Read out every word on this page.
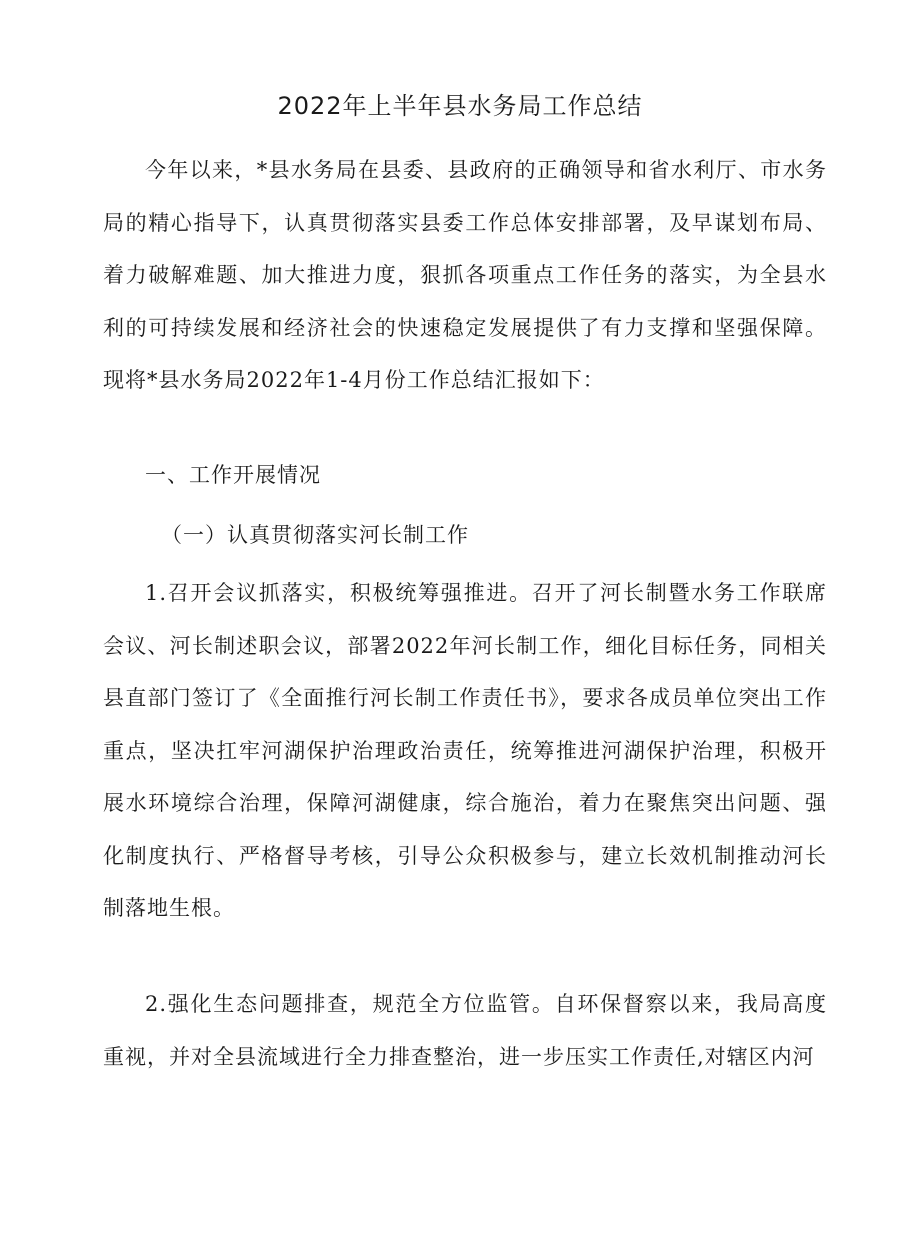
2022年上半年县水务局工作总结

今年以来，*县水务局在县委、县政府的正确领导和省水利厅、市水务局的精心指导下，认真贯彻落实县委工作总体安排部署，及早谋划布局、着力破解难题、加大推进力度，狠抓各项重点工作任务的落实，为全县水利的可持续发展和经济社会的快速稳定发展提供了有力支撑和坚强保障。现将*县水务局2022年1-4月份工作总结汇报如下：

一、工作开展情况

（一）认真贯彻落实河长制工作

1.召开会议抓落实，积极统筹强推进。召开了河长制暨水务工作联席会议、河长制述职会议，部署2022年河长制工作，细化目标任务，同相关县直部门签订了《全面推行河长制工作责任书》，要求各成员单位突出工作重点，坚决扛牢河湖保护治理政治责任，统筹推进河湖保护治理，积极开展水环境综合治理，保障河湖健康，综合施治，着力在聚焦突出问题、强化制度执行、严格督导考核，引导公众积极参与，建立长效机制推动河长制落地生根。

2.强化生态问题排查，规范全方位监管。自环保督察以来，我局高度重视，并对全县流域进行全力排查整治，进一步压实工作责任,对辖区内河
